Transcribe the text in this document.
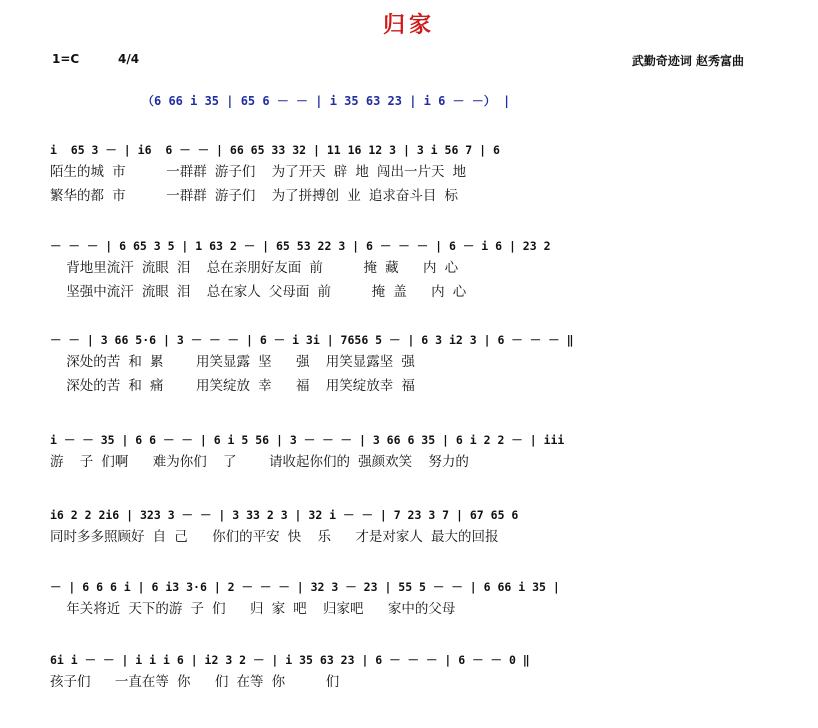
归家
1=C	4/4	武勤奇迹词 赵秀富曲
（6 66 i 35 | 65 6 － － | i 35 63 23 | i 6 － －） |
i  65 3 － | i6  6 － － | 66 65 33 32 | 11 16 12 3 | 3 i 56 7 | 6
陌生的城 市     一群群 游子们  为了开天 辟 地 闯出一片天 地
繁华的都 市     一群群 游子们  为了拼搏创 业 追求奋斗目 标
－ － － | 6 65 3 5 | 1 63 2 － | 65 53 22 3 | 6 － － － | 6 － i 6 | 23 2
背地里流汗 流眼 泪  总在亲朋好友面 前     掩 藏   内 心
坚强中流汗 流眼 泪  总在家人 父母面 前     掩 盖   内 心
－ － | 3 66 5·6 | 3 － － － | 6 － i 3i | 7656 5 － | 6 3 i2 3 | 6 － － － ‖
深处的苦 和 累    用笑显露 坚   强  用笑显露坚 强
深处的苦 和 痛    用笑绽放 幸   福  用笑绽放幸 福
i － － 35 | 6 6 － － | 6 i 5 56 | 3 － － － | 3 66 6 35 | 6 i 2 2 － | iii
游  子 们啊   难为你们  了    请收起你们的 强颜欢笑  努力的
i6 2 2 2i6 | 323 3 － － | 3 33 2 3 | 32 i － － | 7 23 3 7 | 67 65 6
同时多多照顾好 自 己   你们的平安 快  乐   才是对家人 最大的回报
－ | 6 6 6 i | 6 i3 3·6 | 2 － － － | 32 3 － 23 | 55 5 － － | 6 66 i 35 |
年关将近 天下的游 子 们   归 家 吧  归家吧   家中的父母
6i i － － | i i i 6 | i2 3 2 － | i 35 63 23 | 6 － － － | 6 － － 0 ‖
孩子们   一直在等 你   们 在等 你     们
